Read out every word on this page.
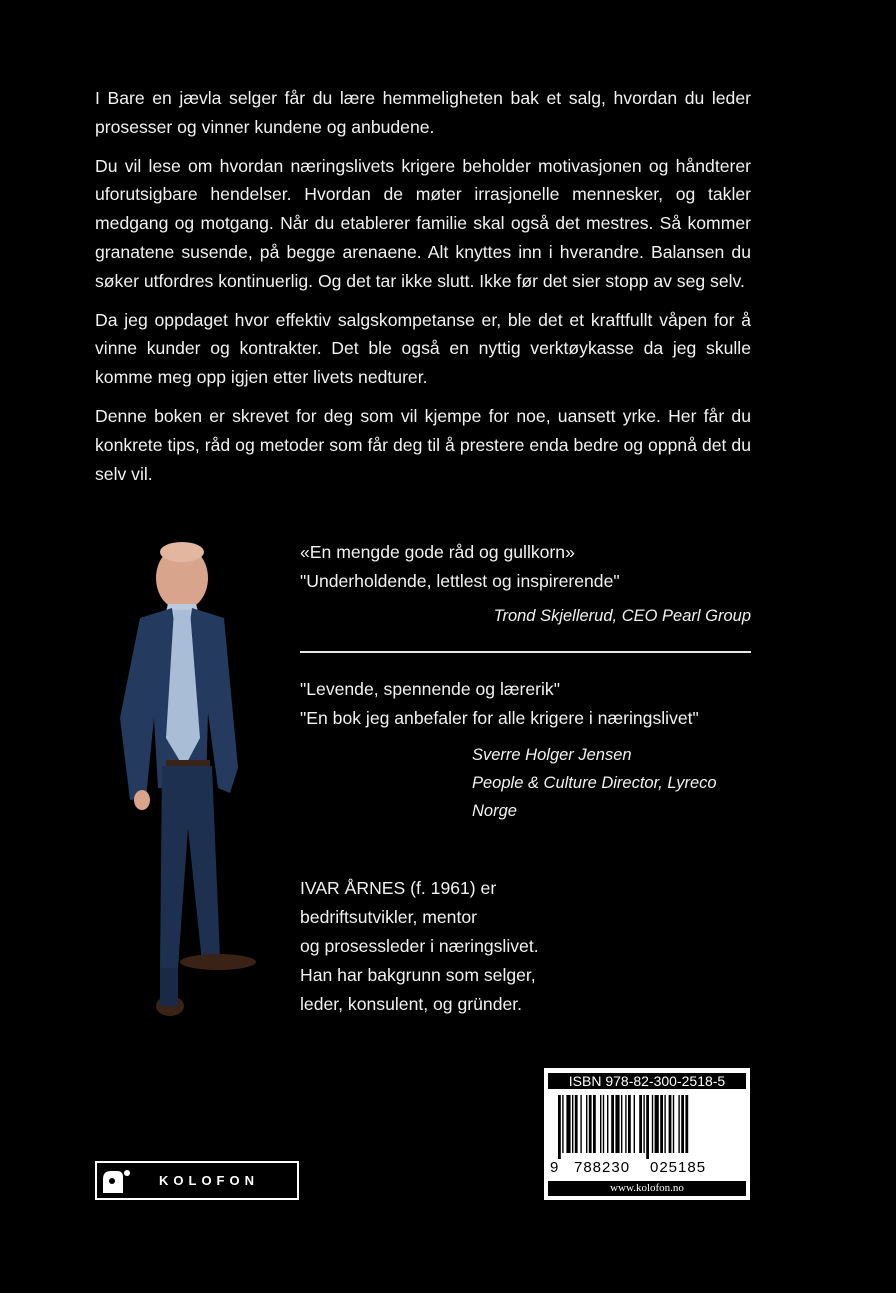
I Bare en jævla selger får du lære hemmeligheten bak et salg, hvordan du leder prosesser og vinner kundene og anbudene.

Du vil lese om hvordan næringslivets krigere beholder motivasjonen og håndterer uforutsigbare hendelser. Hvordan de møter irrasjonelle mennesker, og takler medgang og motgang. Når du etablerer familie skal også det mestres. Så kommer granatene susende, på begge arenaene. Alt knyttes inn i hverandre. Balansen du søker utfordres kontinuerlig. Og det tar ikke slutt. Ikke før det sier stopp av seg selv.

Da jeg oppdaget hvor effektiv salgskompetanse er, ble det et kraftfullt våpen for å vinne kunder og kontrakter. Det ble også en nyttig verktøykasse da jeg skulle komme meg opp igjen etter livets nedturer.

Denne boken er skrevet for deg som vil kjempe for noe, uansett yrke. Her får du konkrete tips, råd og metoder som får deg til å prestere enda bedre og oppnå det du selv vil.

«En mengde gode råd og gullkorn»
"Underholdende, lettlest og inspirerende"
Trond Skjellerud, CEO Pearl Group
"Levende, spennende og lærerik"
"En bok jeg anbefaler for alle krigere i næringslivet"
Sverre Holger Jensen
People & Culture Director, Lyreco Norge
IVAR ÅRNES (f. 1961) er
bedriftsutvikler, mentor
og prosessleder i næringslivet.
Han har bakgrunn som selger,
leder, konsulent, og gründer.
KOLOFON
ISBN 978-82-300-2518-5
9 788230 025185
www.kolofon.no
